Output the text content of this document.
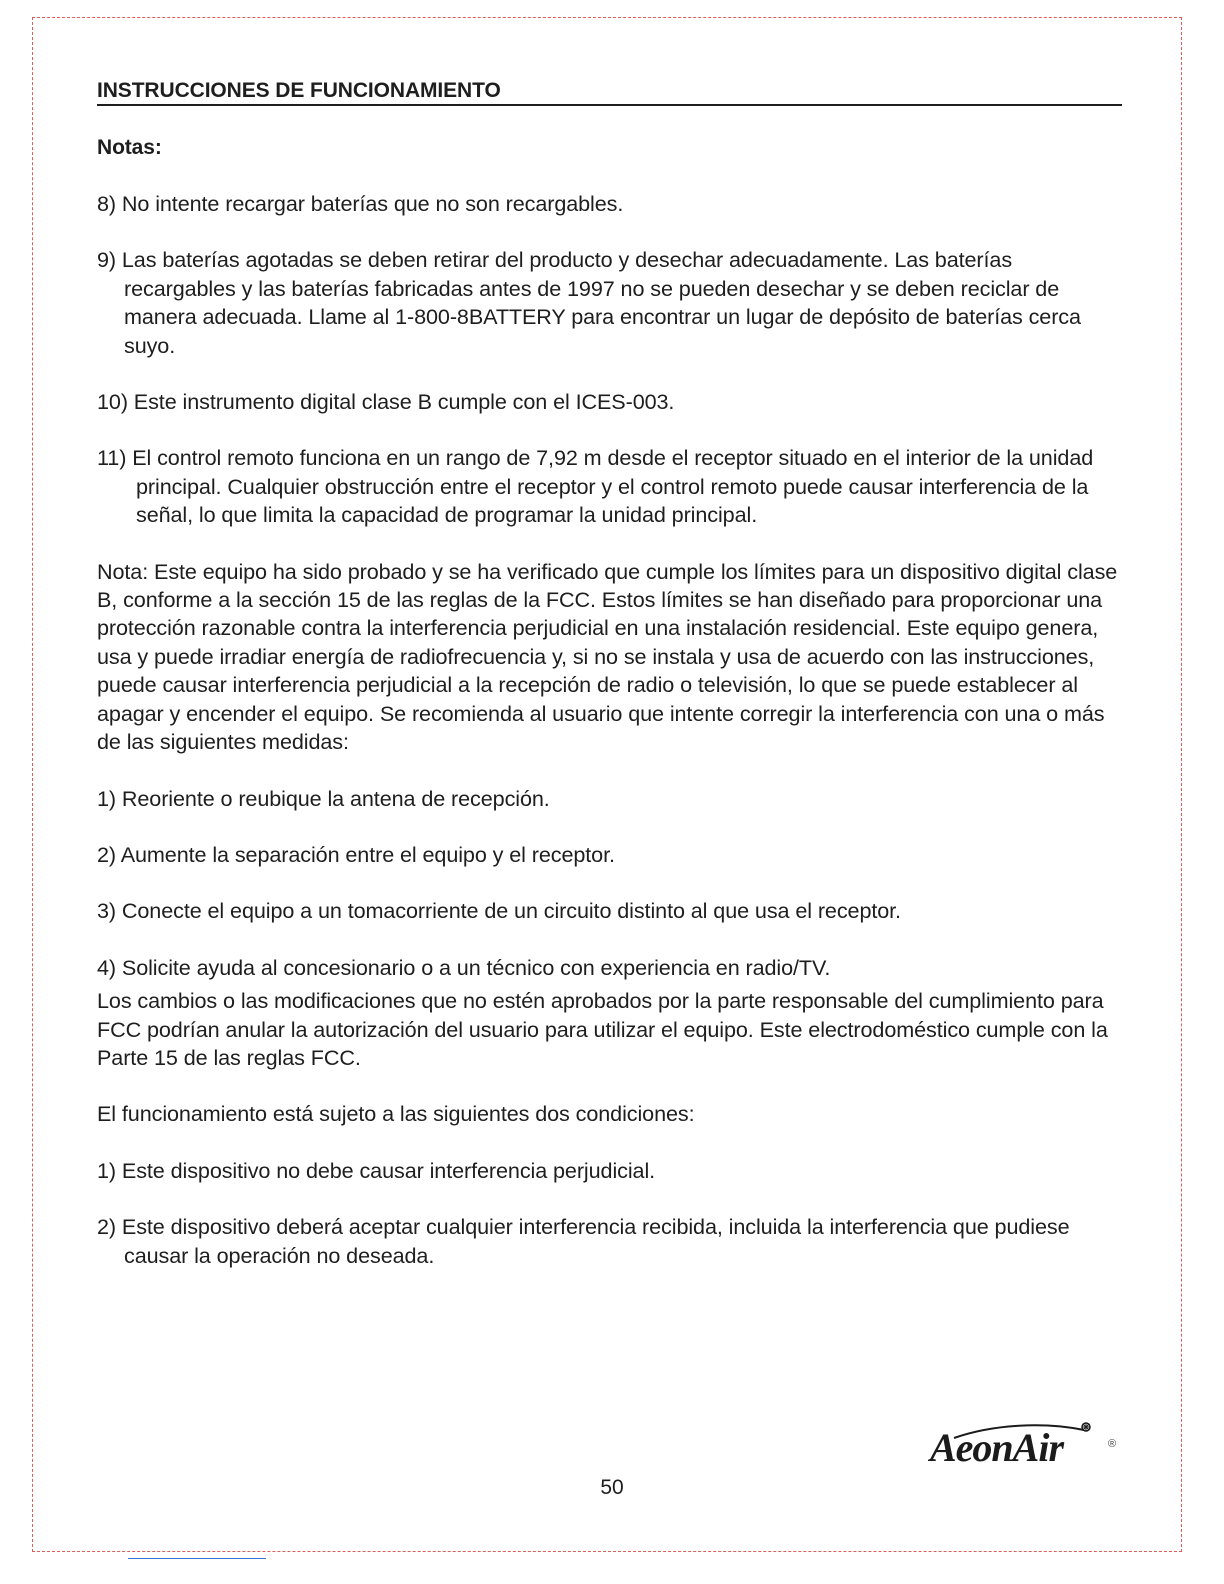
INSTRUCCIONES DE FUNCIONAMIENTO

Notas:

8) No intente recargar baterías que no son recargables.

9) Las baterías agotadas se deben retirar del producto y desechar adecuadamente. Las baterías recargables y las baterías fabricadas antes de 1997 no se pueden desechar y se deben reciclar de manera adecuada. Llame al 1-800-8BATTERY para encontrar un lugar de depósito de baterías cerca suyo.

10) Este instrumento digital clase B cumple con el ICES-003.

11) El control remoto funciona en un rango de 7,92 m desde el receptor situado en el interior de la unidad principal. Cualquier obstrucción entre el receptor y el control remoto puede causar interferencia de la señal, lo que limita la capacidad de programar la unidad principal.

Nota: Este equipo ha sido probado y se ha verificado que cumple los límites para un dispositivo digital clase B, conforme a la sección 15 de las reglas de la FCC. Estos límites se han diseñado para proporcionar una protección razonable contra la interferencia perjudicial en una instalación residencial. Este equipo genera, usa y puede irradiar energía de radiofrecuencia y, si no se instala y usa de acuerdo con las instrucciones, puede causar interferencia perjudicial a la recepción de radio o televisión, lo que se puede establecer al apagar y encender el equipo. Se recomienda al usuario que intente corregir la interferencia con una o más de las siguientes medidas:

1) Reoriente o reubique la antena de recepción.

2) Aumente la separación entre el equipo y el receptor.

3) Conecte el equipo a un tomacorriente de un circuito distinto al que usa el receptor.

4) Solicite ayuda al concesionario o a un técnico con experiencia en radio/TV.

Los cambios o las modificaciones que no estén aprobados por la parte responsable del cumplimiento para FCC podrían anular la autorización del usuario para utilizar el equipo. Este electrodoméstico cumple con la Parte 15 de las reglas FCC.

El funcionamiento está sujeto a las siguientes dos condiciones:

1) Este dispositivo no debe causar interferencia perjudicial.

2) Este dispositivo deberá aceptar cualquier interferencia recibida, incluida la interferencia que pudiese causar la operación no deseada.

AeonAir	®
50
